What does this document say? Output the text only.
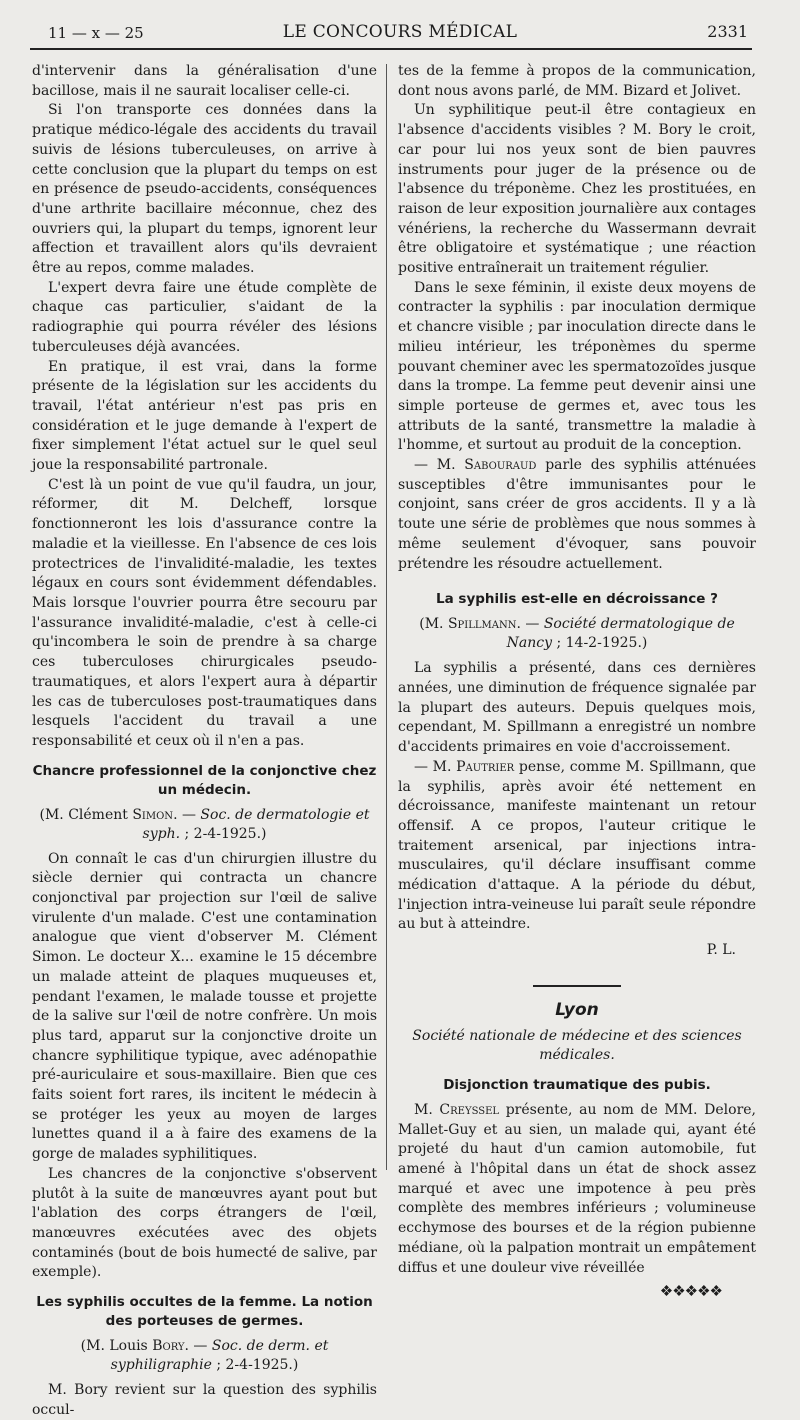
11 — x — 25	LE CONCOURS MÉDICAL	2331

d'intervenir dans la généralisation d'une bacillose, mais il ne saurait localiser celle-ci.

Si l'on transporte ces données dans la pratique médico-légale des accidents du travail suivis de lésions tuberculeuses, on arrive à cette conclusion que la plupart du temps on est en présence de pseudo-accidents, conséquences d'une arthrite bacillaire méconnue, chez des ouvriers qui, la plupart du temps, ignorent leur affection et travaillent alors qu'ils devraient être au repos, comme malades.

L'expert devra faire une étude complète de chaque cas particulier, s'aidant de la radiographie qui pourra révéler des lésions tuberculeuses déjà avancées.

En pratique, il est vrai, dans la forme présente de la législation sur les accidents du travail, l'état antérieur n'est pas pris en considération et le juge demande à l'expert de fixer simplement l'état actuel sur le quel seul joue la responsabilité partronale.

C'est là un point de vue qu'il faudra, un jour, réformer, dit M. Delcheff, lorsque fonctionneront les lois d'assurance contre la maladie et la vieillesse. En l'absence de ces lois protectrices de l'invalidité-maladie, les textes légaux en cours sont évidemment défendables. Mais lorsque l'ouvrier pourra être secouru par l'assurance invalidité-maladie, c'est à celle-ci qu'incombera le soin de prendre à sa charge ces tuberculoses chirurgicales pseudo-traumatiques, et alors l'expert aura à départir les cas de tuberculoses post-traumatiques dans lesquels l'accident du travail a une responsabilité et ceux où il n'en a pas.

Chancre professionnel de la conjonctive chez un médecin.
(M. Clément Simon. — Soc. de dermatologie et syph. ; 2-4-1925.)

On connaît le cas d'un chirurgien illustre du siècle dernier qui contracta un chancre conjonctival par projection sur l'œil de salive virulente d'un malade. C'est une contamination analogue que vient d'observer M. Clément Simon. Le docteur X... examine le 15 décembre un malade atteint de plaques muqueuses et, pendant l'examen, le malade tousse et projette de la salive sur l'œil de notre confrère. Un mois plus tard, apparut sur la conjonctive droite un chancre syphilitique typique, avec adénopathie pré-auriculaire et sous-maxillaire. Bien que ces faits soient fort rares, ils incitent le médecin à se protéger les yeux au moyen de larges lunettes quand il a à faire des examens de la gorge de malades syphilitiques.

Les chancres de la conjonctive s'observent plutôt à la suite de manœuvres ayant pout but l'ablation des corps étrangers de l'œil, manœuvres exécutées avec des objets contaminés (bout de bois humecté de salive, par exemple).

Les syphilis occultes de la femme. La notion des porteuses de germes.
(M. Louis Bory. — Soc. de derm. et syphiligraphie ; 2-4-1925.)

M. Bory revient sur la question des syphilis occul-

tes de la femme à propos de la communication, dont nous avons parlé, de MM. Bizard et Jolivet.

Un syphilitique peut-il être contagieux en l'absence d'accidents visibles ? M. Bory le croit, car pour lui nos yeux sont de bien pauvres instruments pour juger de la présence ou de l'absence du tréponème. Chez les prostituées, en raison de leur exposition journalière aux contages vénériens, la recherche du Wassermann devrait être obligatoire et systématique ; une réaction positive entraînerait un traitement régulier.

Dans le sexe féminin, il existe deux moyens de contracter la syphilis : par inoculation dermique et chancre visible ; par inoculation directe dans le milieu intérieur, les tréponèmes du sperme pouvant cheminer avec les spermatozoïdes jusque dans la trompe. La femme peut devenir ainsi une simple porteuse de germes et, avec tous les attributs de la santé, transmettre la maladie à l'homme, et surtout au produit de la conception.

— M. Sabouraud parle des syphilis atténuées susceptibles d'être immunisantes pour le conjoint, sans créer de gros accidents. Il y a là toute une série de problèmes que nous sommes à même seulement d'évoquer, sans pouvoir prétendre les résoudre actuellement.

La syphilis est-elle en décroissance ?
(M. Spillmann. — Société dermatologique de Nancy ; 14-2-1925.)

La syphilis a présenté, dans ces dernières années, une diminution de fréquence signalée par la plupart des auteurs. Depuis quelques mois, cependant, M. Spillmann a enregistré un nombre d'accidents primaires en voie d'accroissement.

— M. Pautrier pense, comme M. Spillmann, que la syphilis, après avoir été nettement en décroissance, manifeste maintenant un retour offensif. A ce propos, l'auteur critique le traitement arsenical, par injections intra-musculaires, qu'il déclare insuffisant comme médication d'attaque. A la période du début, l'injection intra-veineuse lui paraît seule répondre au but à atteindre.

P. L.
Lyon
Société nationale de médecine et des sciences médicales.
Disjonction traumatique des pubis.

M. Creyssel présente, au nom de MM. Delore, Mallet-Guy et au sien, un malade qui, ayant été projeté du haut d'un camion automobile, fut amené à l'hôpital dans un état de shock assez marqué et avec une impotence à peu près complète des membres inférieurs ; volumineuse ecchymose des bourses et de la région pubienne médiane, où la palpation montrait un empâtement diffus et une douleur vive réveillée

❖❖❖❖❖
